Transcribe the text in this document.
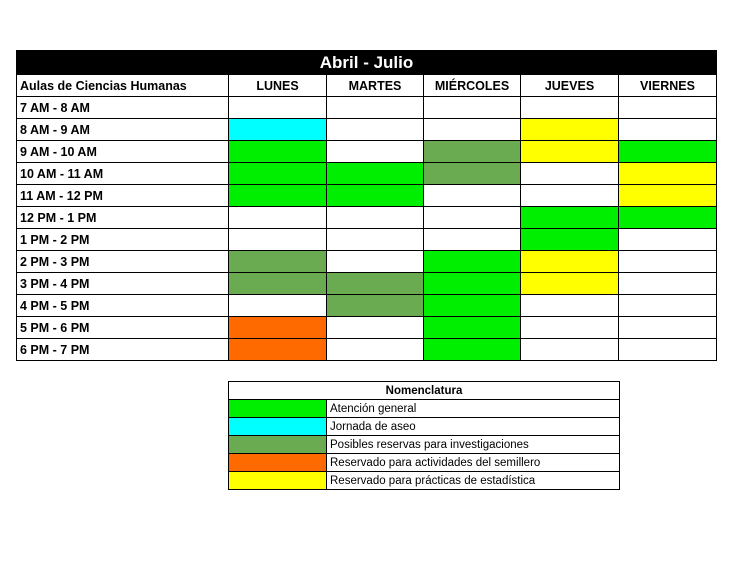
Abril - Julio					
Aulas de Ciencias Humanas	LUNES	MARTES	MIÉRCOLES	JUEVES	VIERNES
7 AM - 8 AM					
8 AM - 9 AM					
9 AM - 10 AM					
10 AM - 11 AM					
11 AM - 12 PM					
12 PM - 1 PM					
1 PM - 2 PM					
2 PM - 3 PM					
3 PM - 4 PM					
4 PM - 5 PM					
5 PM - 6 PM					
6 PM - 7 PM					
Nomenclatura	
	Atención general
	Jornada de aseo
	Posibles reservas para investigaciones
	Reservado para actividades del semillero
	Reservado para prácticas de estadística
